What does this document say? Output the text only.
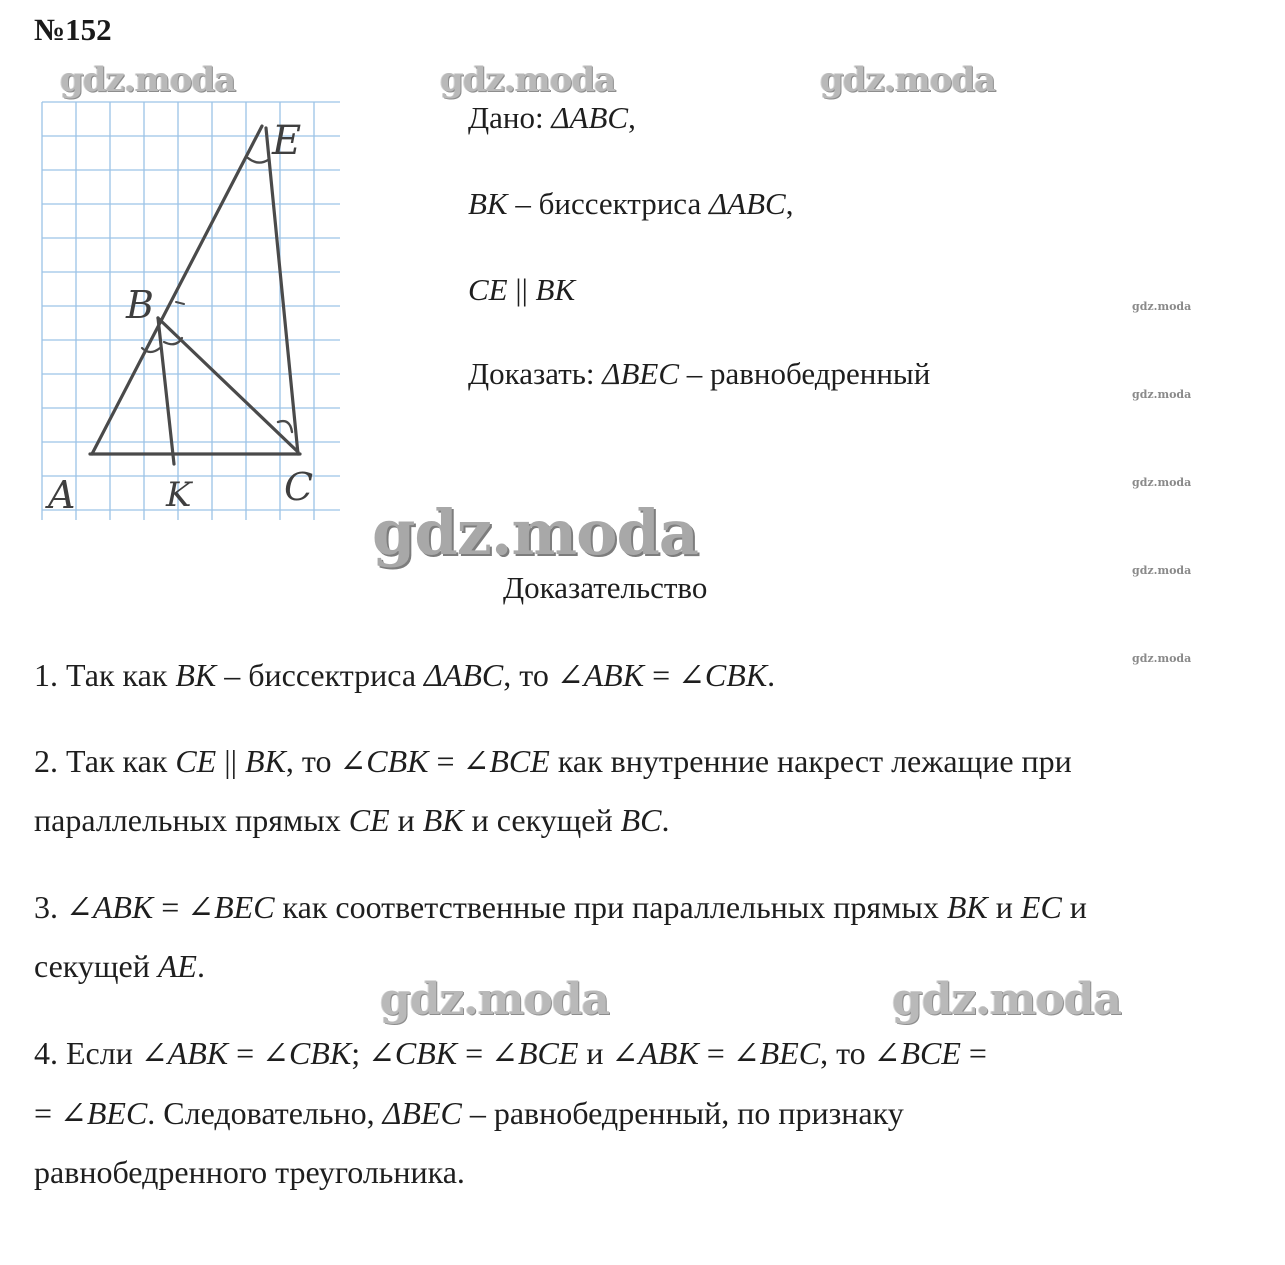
№152
gdz.moda	gdz.moda	gdz.moda
E
B
A	K C
Дано: ΔABC,
BK – биссектриса ΔABC,
CE || BK
Доказать: ΔBEC – равнобедренный
gdz.moda
gdz.moda
gdz.moda
gdz.moda
gdz.moda
gdz.moda
Доказательство
1. Так как BK – биссектриса ΔABC, то ∠ABK = ∠CBK.
2. Так как CE || BK, то ∠CBK = ∠BCE как внутренние накрест лежащие при
параллельных прямых CE и BK и секущей BC.
3. ∠ABK = ∠BEC как соответственные при параллельных прямых BK и EC и
секущей AE.
gdz.moda	gdz.moda
4. Если ∠ABK = ∠CBK; ∠CBK = ∠BCE и ∠ABK = ∠BEC, то ∠BCE =
= ∠BEC. Следовательно, ΔBEC – равнобедренный, по признаку
равнобедренного треугольника.
